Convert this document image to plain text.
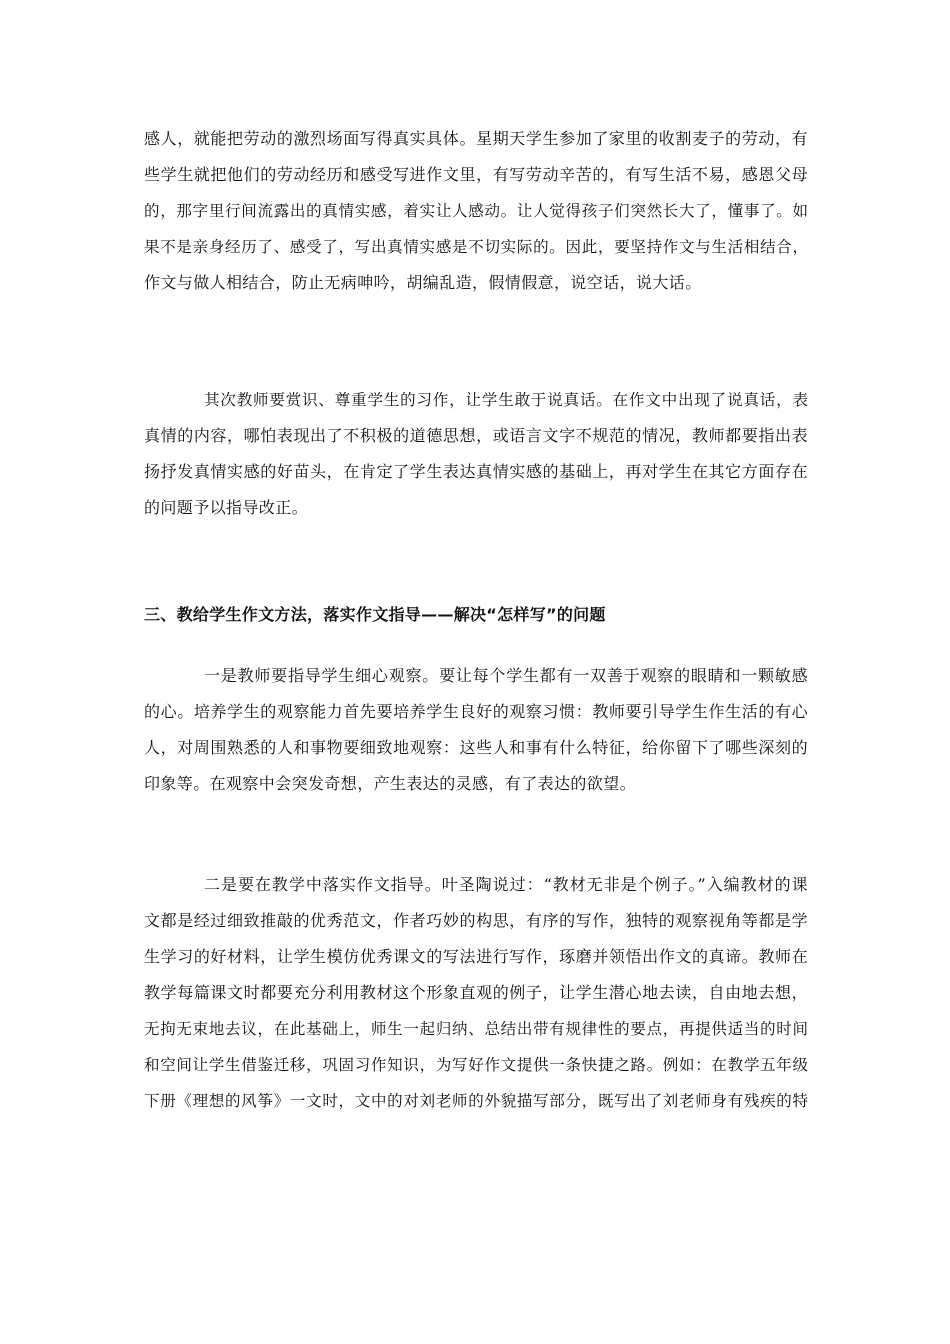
感人，就能把劳动的激烈场面写得真实具体。星期天学生参加了家里的收割麦子的劳动，有
些学生就把他们的劳动经历和感受写进作文里，有写劳动辛苦的，有写生活不易，感恩父母
的，那字里行间流露出的真情实感，着实让人感动。让人觉得孩子们突然长大了，懂事了。如
果不是亲身经历了、感受了，写出真情实感是不切实际的。因此，要坚持作文与生活相结合，
作文与做人相结合，防止无病呻吟，胡编乱造，假情假意，说空话，说大话。
其次教师要赏识、尊重学生的习作，让学生敢于说真话。在作文中出现了说真话，表
真情的内容，哪怕表现出了不积极的道德思想，或语言文字不规范的情况，教师都要指出表
扬抒发真情实感的好苗头，在肯定了学生表达真情实感的基础上，再对学生在其它方面存在
的问题予以指导改正。
三、教给学生作文方法，落实作文指导——解决“怎样写”的问题
一是教师要指导学生细心观察。要让每个学生都有一双善于观察的眼睛和一颗敏感
的心。培养学生的观察能力首先要培养学生良好的观察习惯：教师要引导学生作生活的有心
人，对周围熟悉的人和事物要细致地观察：这些人和事有什么特征，给你留下了哪些深刻的
印象等。在观察中会突发奇想，产生表达的灵感，有了表达的欲望。
二是要在教学中落实作文指导。叶圣陶说过：“教材无非是个例子。”入编教材的课
文都是经过细致推敲的优秀范文，作者巧妙的构思，有序的写作，独特的观察视角等都是学
生学习的好材料，让学生模仿优秀课文的写法进行写作，琢磨并领悟出作文的真谛。教师在
教学每篇课文时都要充分利用教材这个形象直观的例子，让学生潜心地去读，自由地去想，
无拘无束地去议，在此基础上，师生一起归纳、总结出带有规律性的要点，再提供适当的时间
和空间让学生借鉴迁移，巩固习作知识，为写好作文提供一条快捷之路。例如：在教学五年级
下册《理想的风筝》一文时，文中的对刘老师的外貌描写部分，既写出了刘老师身有残疾的特
